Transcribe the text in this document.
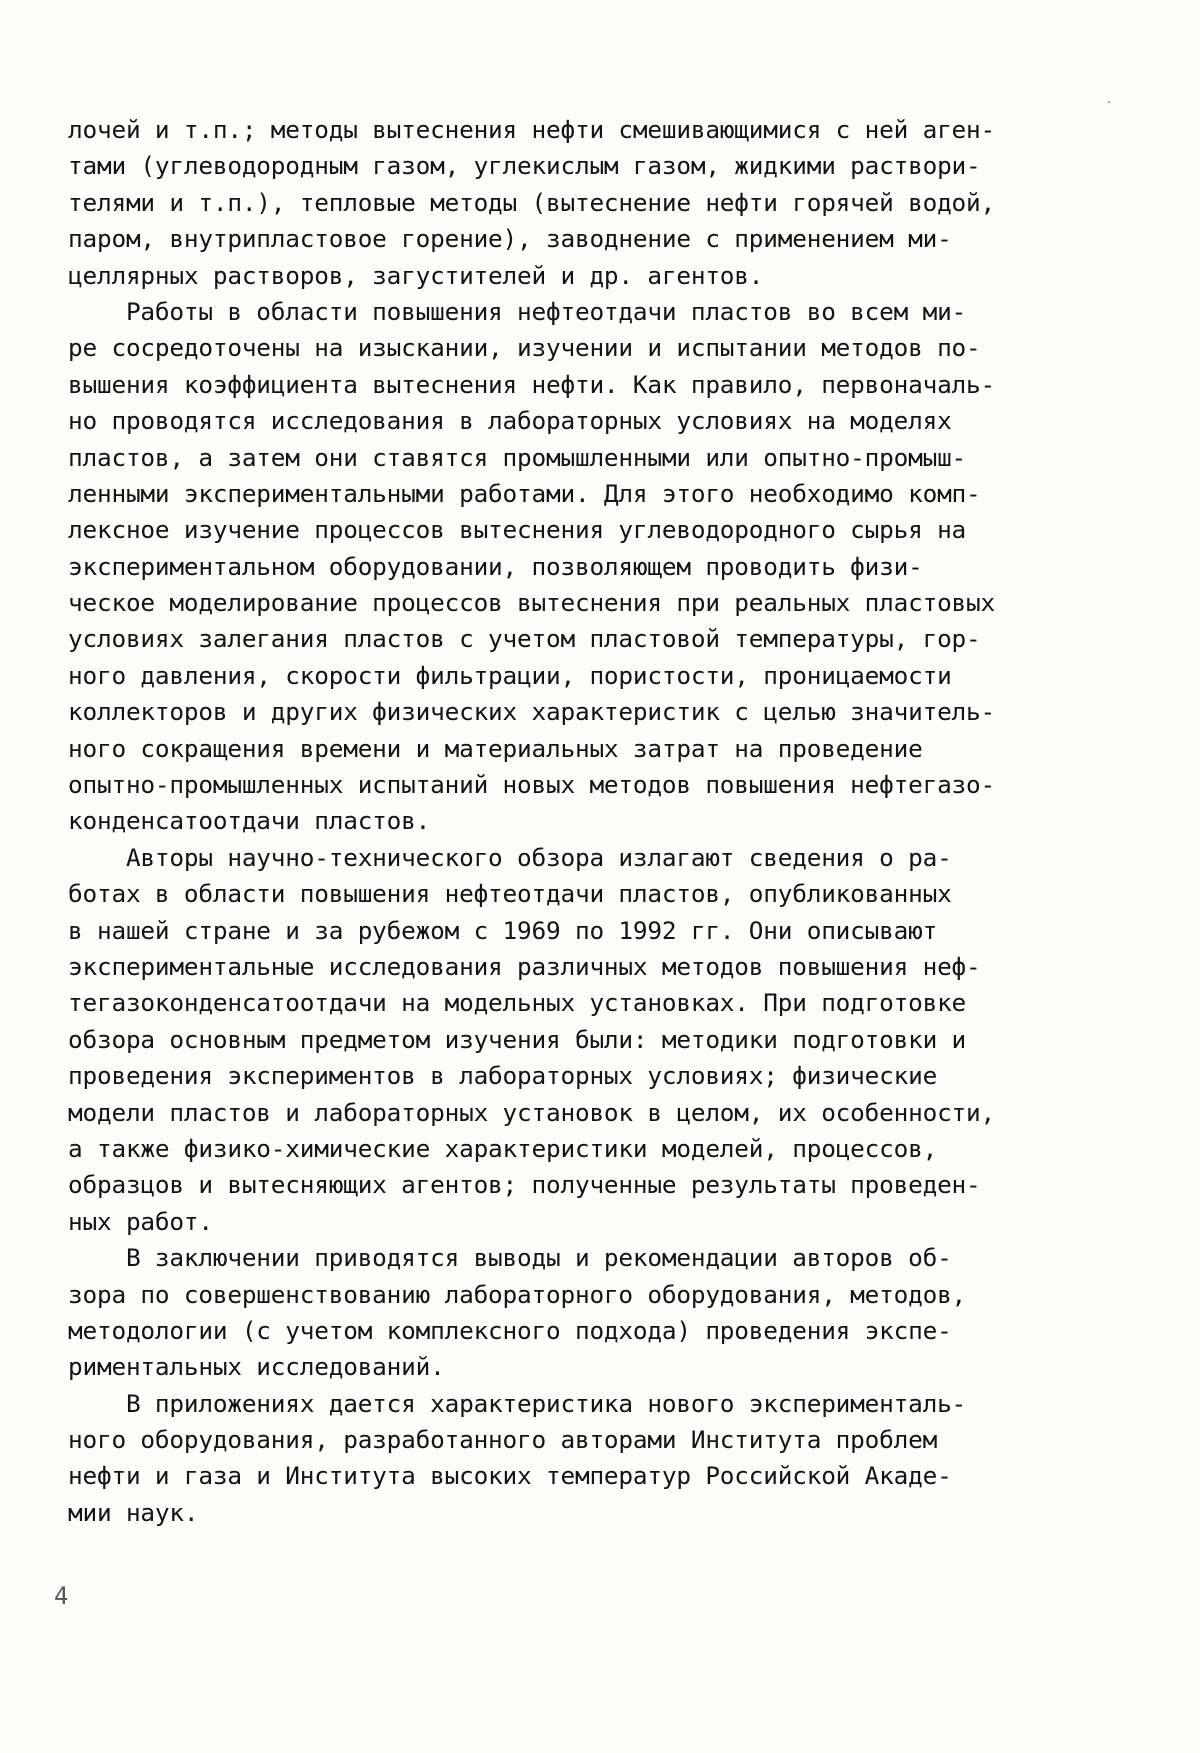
лочей и т.п.; методы вытеснения нефти смешивающимися с ней аген-
тами (углеводородным газом, углекислым газом, жидкими раствори-
телями и т.п.), тепловые методы (вытеснение нефти горячей водой,
паром, внутрипластовое горение), заводнение с применением ми-
целлярных растворов, загустителей и др. агентов.
Работы в области повышения нефтеотдачи пластов во всем ми-
ре сосредоточены на изыскании, изучении и испытании методов по-
вышения коэффициента вытеснения нефти. Как правило, первоначаль-
но проводятся исследования в лабораторных условиях на моделях
пластов, а затем они ставятся промышленными или опытно-промыш-
ленными экспериментальными работами. Для этого необходимо комп-
лексное изучение процессов вытеснения углеводородного сырья на
экспериментальном оборудовании, позволяющем проводить физи-
ческое моделирование процессов вытеснения при реальных пластовых
условиях залегания пластов с учетом пластовой температуры, гор-
ного давления, скорости фильтрации, пористости, проницаемости
коллекторов и других физических характеристик с целью значитель-
ного сокращения времени и материальных затрат на проведение
опытно-промышленных испытаний новых методов повышения нефтегазо-
конденсатоотдачи пластов.
Авторы научно-технического обзора излагают сведения о ра-
ботах в области повышения нефтеотдачи пластов, опубликованных
в нашей стране и за рубежом с 1969 по 1992 гг. Они описывают
экспериментальные исследования различных методов повышения неф-
тегазоконденсатоотдачи на модельных установках. При подготовке
обзора основным предметом изучения были: методики подготовки и
проведения экспериментов в лабораторных условиях; физические
модели пластов и лабораторных установок в целом, их особенности,
а также физико-химические характеристики моделей, процессов,
образцов и вытесняющих агентов; полученные результаты проведен-
ных работ.
В заключении приводятся выводы и рекомендации авторов об-
зора по совершенствованию лабораторного оборудования, методов,
методологии (с учетом комплексного подхода) проведения экспе-
риментальных исследований.
В приложениях дается характеристика нового эксперименталь-
ного оборудования, разработанного авторами Института проблем
нефти и газа и Института высоких температур Российской Акаде-
мии наук.
4
